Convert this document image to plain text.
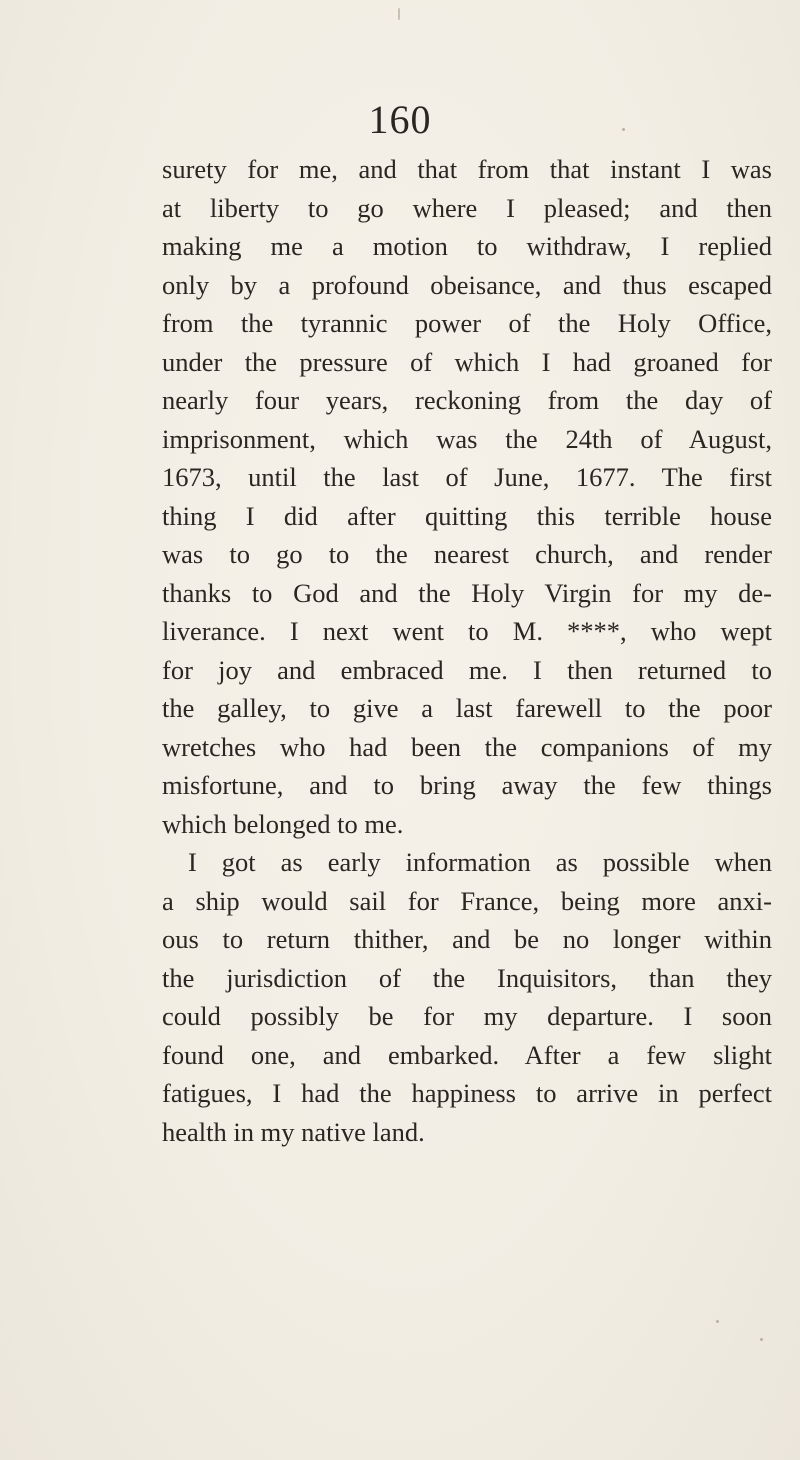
160
surety for me, and that from that instant I was
at liberty to go where I pleased; and then
making me a motion to withdraw, I replied
only by a profound obeisance, and thus escaped
from the tyrannic power of the Holy Office,
under the pressure of which I had groaned for
nearly four years, reckoning from the day of
imprisonment, which was the 24th of August,
1673, until the last of June, 1677. The first
thing I did after quitting this terrible house
was to go to the nearest church, and render
thanks to God and the Holy Virgin for my de-
liverance. I next went to M. ****, who wept
for joy and embraced me. I then returned to
the galley, to give a last farewell to the poor
wretches who had been the companions of my
misfortune, and to bring away the few things
which belonged to me.
I got as early information as possible when
a ship would sail for France, being more anxi-
ous to return thither, and be no longer within
the jurisdiction of the Inquisitors, than they
could possibly be for my departure. I soon
found one, and embarked. After a few slight
fatigues, I had the happiness to arrive in perfect
health in my native land.
